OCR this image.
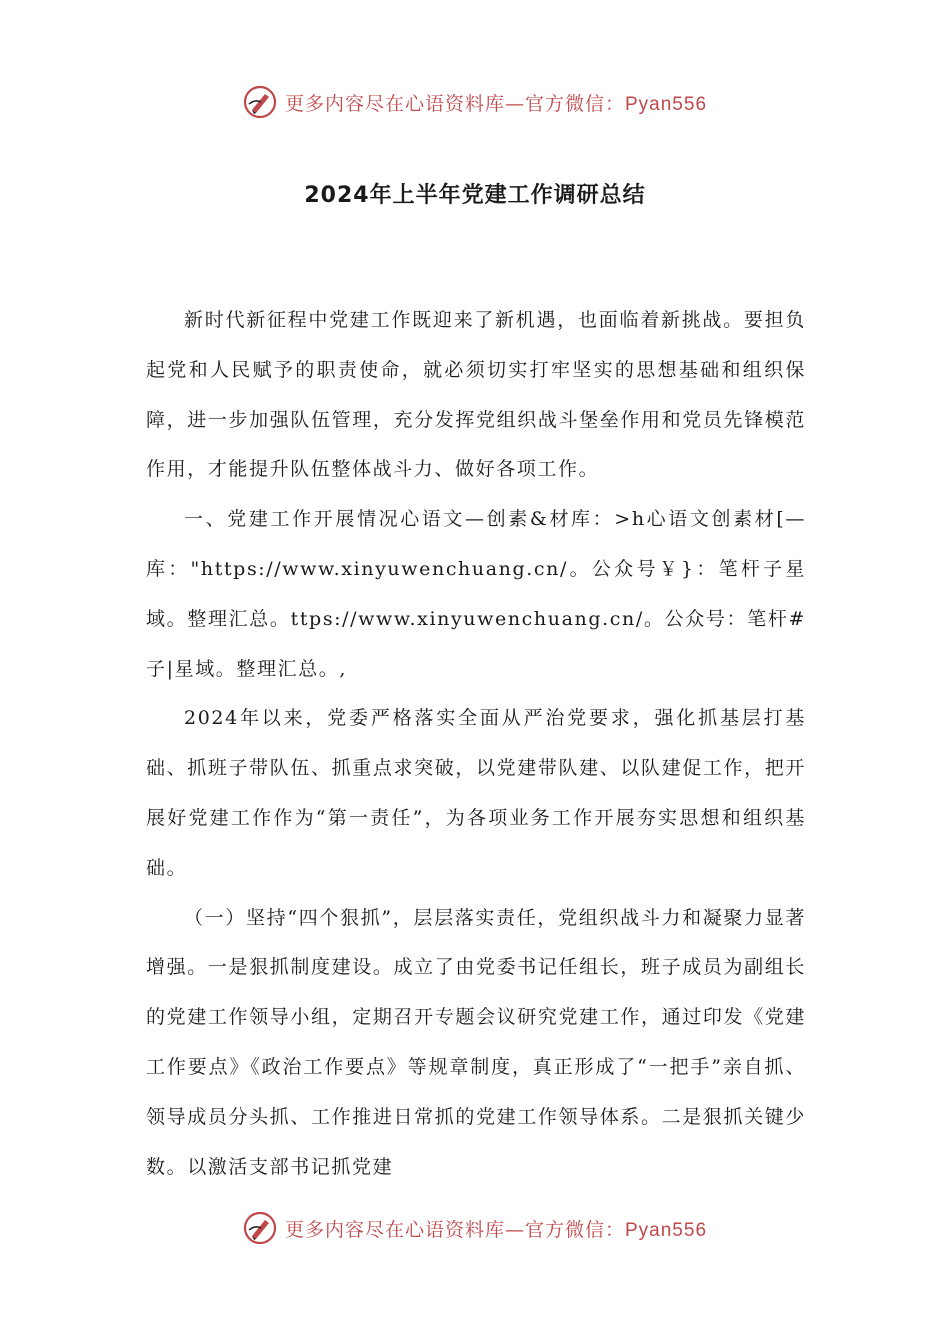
更多内容尽在心语资料库—官方微信：Pyan556
2024年上半年党建工作调研总结

新时代新征程中党建工作既迎来了新机遇，也面临着新挑战。要担负起党和人民赋予的职责使命，就必须切实打牢坚实的思想基础和组织保障，进一步加强队伍管理，充分发挥党组织战斗堡垒作用和党员先锋模范作用，才能提升队伍整体战斗力、做好各项工作。

一、党建工作开展情况心语文—创素&材库：>h心语文创素材[—库："https://www.xinyuwenchuang.cn/。公众号￥}：笔杆子星域。整理汇总。ttps://www.xinyuwenchuang.cn/。公众号：笔杆#子|星域。整理汇总。,

2024年以来，党委严格落实全面从严治党要求，强化抓基层打基础、抓班子带队伍、抓重点求突破，以党建带队建、以队建促工作，把开展好党建工作作为“第一责任”，为各项业务工作开展夯实思想和组织基础。

（一）坚持“四个狠抓”，层层落实责任，党组织战斗力和凝聚力显著增强。一是狠抓制度建设。成立了由党委书记任组长，班子成员为副组长的党建工作领导小组，定期召开专题会议研究党建工作，通过印发《党建工作要点》《政治工作要点》等规章制度，真正形成了“一把手”亲自抓、领导成员分头抓、工作推进日常抓的党建工作领导体系。二是狠抓关键少数。以激活支部书记抓党建

更多内容尽在心语资料库—官方微信：Pyan556
